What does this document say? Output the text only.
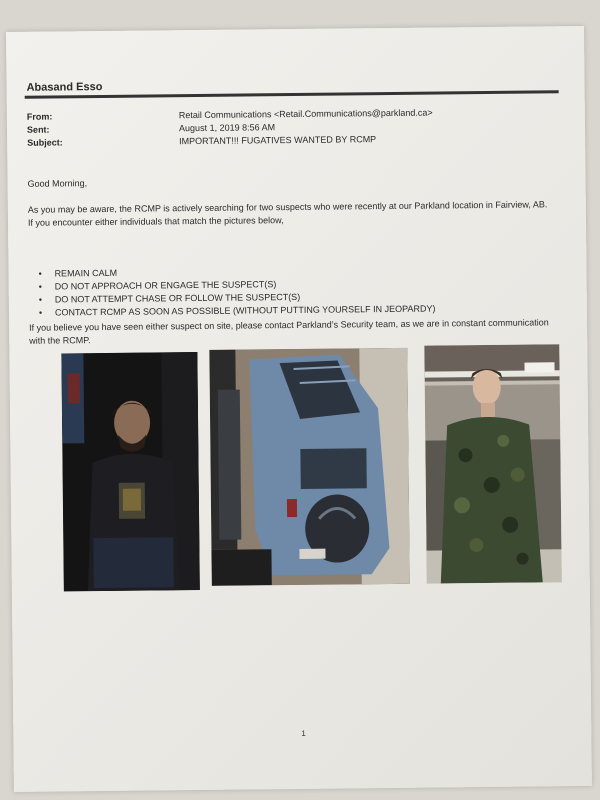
Abasand Esso
From:	Retail Communications <Retail.Communications@parkland.ca>
Sent:	August 1, 2019 8:56 AM
Subject:	IMPORTANT!!! FUGATIVES WANTED BY RCMP
Good Morning,
As you may be aware, the RCMP is actively searching for two suspects who were recently at our Parkland location in Fairview, AB. If you encounter either individuals that match the pictures below,
• REMAIN CALM
• DO NOT APPROACH OR ENGAGE THE SUSPECT(S)
• DO NOT ATTEMPT CHASE OR FOLLOW THE SUSPECT(S)
• CONTACT RCMP AS SOON AS POSSIBLE (WITHOUT PUTTING YOURSELF IN JEOPARDY)
If you believe you have seen either suspect on site, please contact Parkland’s Security team, as we are in constant communication with the RCMP.
1
